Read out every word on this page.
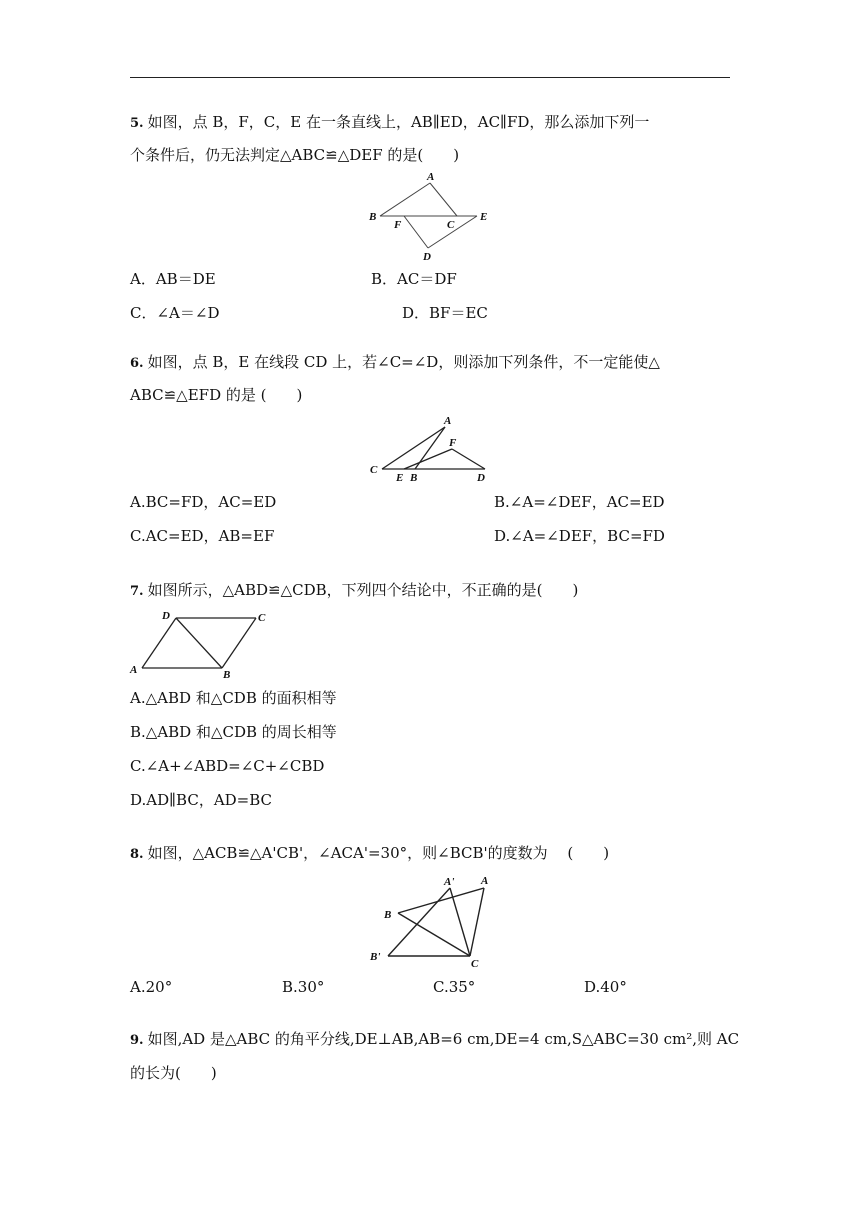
5. 如图，点 B，F，C，E 在一条直线上，AB∥ED，AC∥FD，那么添加下列一
个条件后，仍无法判定△ABC≌△DEF 的是(　　)
A
B
F	C
E
D
A．AB＝DE	B．AC＝DF
C．∠A＝∠D	D．BF＝EC
6. 如图，点 B，E 在线段 CD 上，若∠C=∠D，则添加下列条件，不一定能使△
ABC≌△EFD 的是 (　　)
A
F
C
E B	D
A.BC=FD，AC=ED	B.∠A=∠DEF，AC=ED
C.AC=ED，AB=EF	D.∠A=∠DEF，BC=FD
7. 如图所示，△ABD≌△CDB，下列四个结论中，不正确的是(　　)
D	C
A	B
A.△ABD 和△CDB 的面积相等
B.△ABD 和△CDB 的周长相等
C.∠A+∠ABD=∠C+∠CBD
D.AD∥BC，AD=BC
8. 如图，△ACB≌△A'CB'，∠ACA'=30°，则∠BCB'的度数为　 (　　)
A' A
B
B'
C
A.20°	B.30°	C.35°	D.40°
9. 如图,AD 是△ABC 的角平分线,DE⊥AB,AB=6 cm,DE=4 cm,S△ABC=30 cm²,则 AC
的长为(　　)
